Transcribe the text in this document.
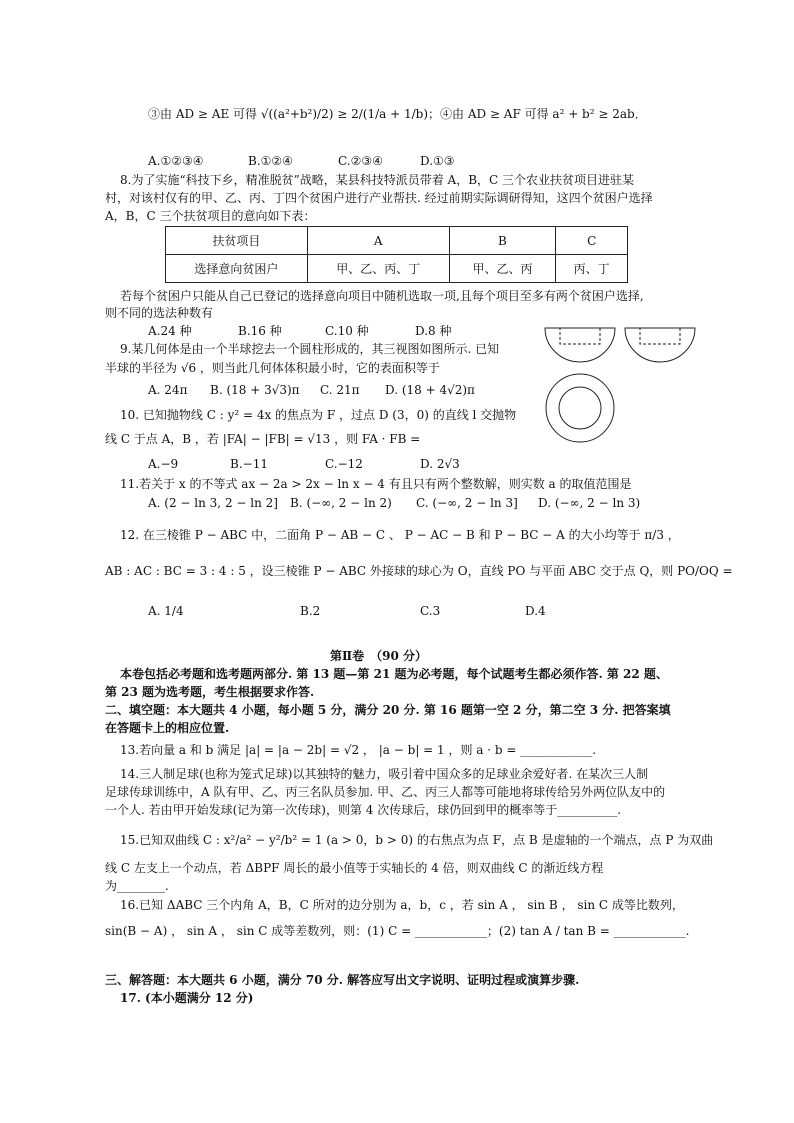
③由 AD ≥ AE 可得 √((a²+b²)/2) ≥ 2/(1/a + 1/b)；④由 AD ≥ AF 可得 a² + b² ≥ 2ab．
A.①②③④	B.①②④	C.②③④	D.①③
8.为了实施“科技下乡，精准脱贫”战略，某县科技特派员带着 A，B，C 三个农业扶贫项目进驻某
村，对该村仅有的甲、乙、丙、丁四个贫困户进行产业帮扶. 经过前期实际调研得知，这四个贫困户选择
A，B，C 三个扶贫项目的意向如下表：
扶贫项目	A	B	C
选择意向贫困户	甲、乙、丙、丁	甲、乙、丙	丙、丁
若每个贫困户只能从自己已登记的选择意向项目中随机选取一项,且每个项目至多有两个贫困户选择,
则不同的选法种数有
A.24 种	B.16 种	C.10 种	D.8 种
9.某几何体是由一个半球挖去一个圆柱形成的，其三视图如图所示. 已知
半球的半径为 √6 ，则当此几何体体积最小时，它的表面积等于
A. 24π B. (18 + 3√3)π C. 21π D. (18 + 4√2)π
10. 已知抛物线 C : y² = 4x 的焦点为 F ，过点 D (3，0) 的直线 l 交抛物
线 C 于点 A，B ，若 |FA| − |FB| = √13 ，则 FA · FB =
A.−9	B.−11	C.−12	D. 2√3
11.若关于 x 的不等式 ax − 2a > 2x − ln x − 4 有且只有两个整数解，则实数 a 的取值范围是
A. (2 − ln 3, 2 − ln 2] B. (−∞, 2 − ln 2) C. (−∞, 2 − ln 3] D. (−∞, 2 − ln 3)
12. 在三棱锥 P − ABC 中，二面角 P − AB − C 、 P − AC − B 和 P − BC − A 的大小均等于 π/3 ，
AB : AC : BC = 3 : 4 : 5 ，设三棱锥 P − ABC 外接球的球心为 O，直线 PO 与平面 ABC 交于点 Q，则 PO/OQ =
A. 1/4	B.2	C.3	D.4
第Ⅱ卷　（90 分）
本卷包括必考题和选考题两部分. 第 13 题—第 21 题为必考题，每个试题考生都必须作答. 第 22 题、
第 23 题为选考题，考生根据要求作答.
二、填空题：本大题共 4 小题，每小题 5 分，满分 20 分. 第 16 题第一空 2 分，第二空 3 分. 把答案填
在答题卡上的相应位置.
13.若向量 a 和 b 满足 |a| = |a − 2b| = √2 ， |a − b| = 1 ，则 a · b = ____________.
14.三人制足球(也称为笼式足球)以其独特的魅力，吸引着中国众多的足球业余爱好者. 在某次三人制
足球传球训练中，A 队有甲、乙、丙三名队员参加. 甲、乙、丙三人都等可能地将球传给另外两位队友中的
一个人. 若由甲开始发球(记为第一次传球)，则第 4 次传球后，球仍回到甲的概率等于__________.
15.已知双曲线 C : x²/a² − y²/b² = 1 (a > 0，b > 0) 的右焦点为点 F，点 B 是虚轴的一个端点，点 P 为双曲
线 C 左支上一个动点，若 ΔBPF 周长的最小值等于实轴长的 4 倍，则双曲线 C 的渐近线方程
为________.
16.已知 ΔABC 三个内角 A，B，C 所对的边分别为 a，b，c ，若 sin A ， sin B ， sin C 成等比数列，
sin(B − A) ， sin A ， sin C 成等差数列，则：(1) C = ____________；(2) tan A / tan B = ____________.
三、解答题：本大题共 6 小题，满分 70 分. 解答应写出文字说明、证明过程或演算步骤.
17. (本小题满分 12 分)
